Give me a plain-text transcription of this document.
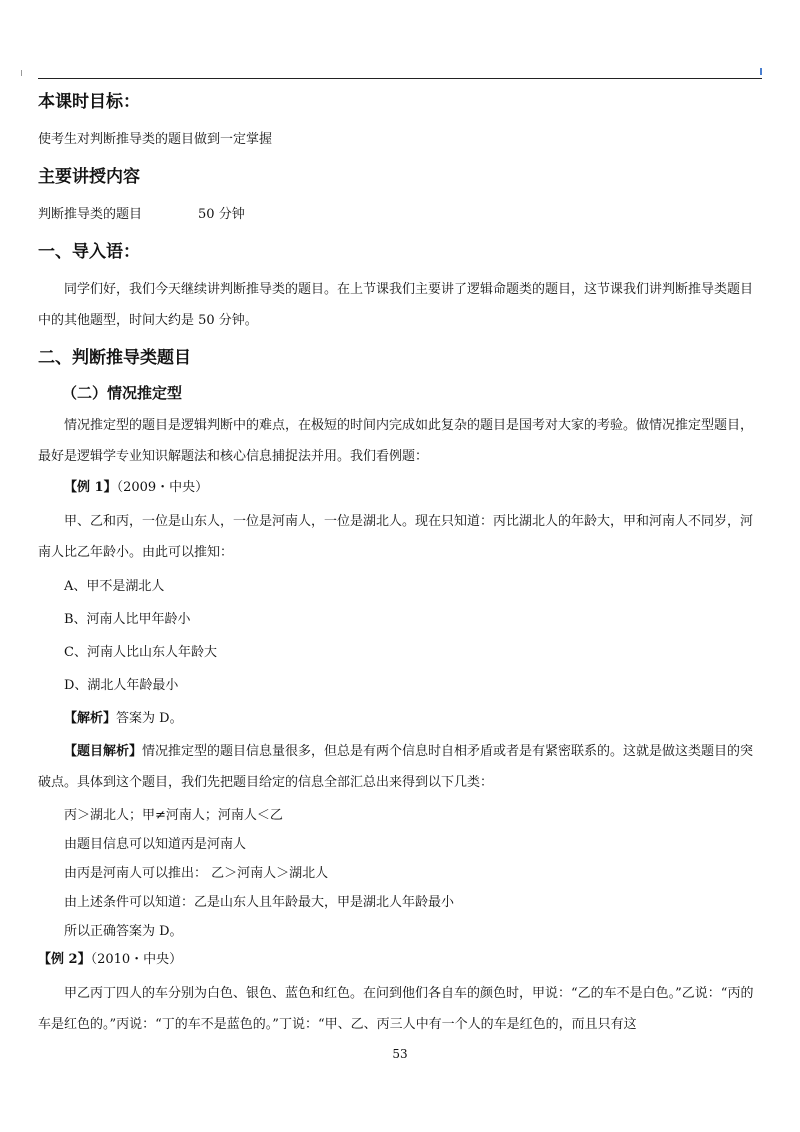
本课时目标：

使考生对判断推导类的题目做到一定掌握

主要讲授内容

判断推导类的题目	50 分钟

一、导入语：

同学们好，我们今天继续讲判断推导类的题目。在上节课我们主要讲了逻辑命题类的题目，这节课我们讲判断推导类题目中的其他题型，时间大约是 50 分钟。

二、判断推导类题目
（二）情况推定型

情况推定型的题目是逻辑判断中的难点，在极短的时间内完成如此复杂的题目是国考对大家的考验。做情况推定型题目，最好是逻辑学专业知识解题法和核心信息捕捉法并用。我们看例题：

【例 1】（2009・中央）

甲、乙和丙，一位是山东人，一位是河南人，一位是湖北人。现在只知道：丙比湖北人的年龄大，甲和河南人不同岁，河南人比乙年龄小。由此可以推知：

A、甲不是湖北人

B、河南人比甲年龄小

C、河南人比山东人年龄大

D、湖北人年龄最小

【解析】答案为 D。

【题目解析】情况推定型的题目信息量很多，但总是有两个信息时自相矛盾或者是有紧密联系的。这就是做这类题目的突破点。具体到这个题目，我们先把题目给定的信息全部汇总出来得到以下几类：

丙＞湖北人；甲≠河南人；河南人＜乙

由题目信息可以知道丙是河南人

由丙是河南人可以推出： 乙＞河南人＞湖北人

由上述条件可以知道：乙是山东人且年龄最大，甲是湖北人年龄最小

所以正确答案为 D。

【例 2】（2010・中央）

甲乙丙丁四人的车分别为白色、银色、蓝色和红色。在问到他们各自车的颜色时，甲说：“乙的车不是白色。”乙说：“丙的车是红色的。”丙说：“丁的车不是蓝色的。”丁说：“甲、乙、丙三人中有一个人的车是红色的，而且只有这

53
